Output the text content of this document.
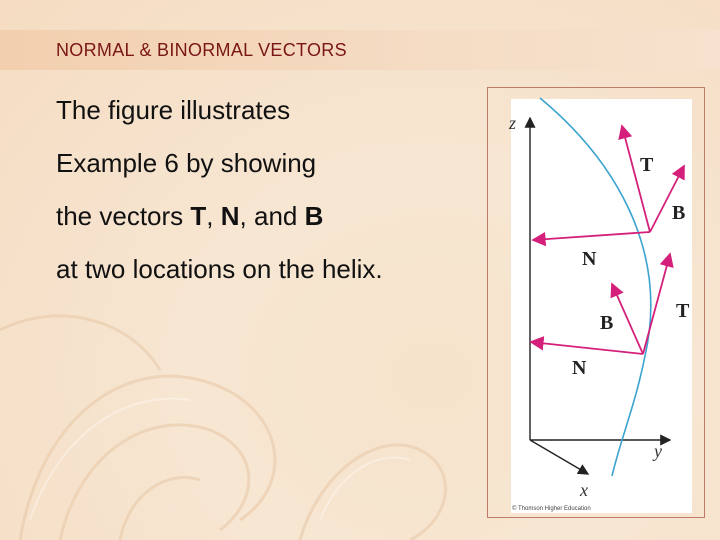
NORMAL & BINORMAL VECTORS
The figure illustrates
Example 6 by showing
the vectors T, N, and B
at two locations on the helix.
z
y
x
T
B
N
B
T
N
© Thomson Higher Education
